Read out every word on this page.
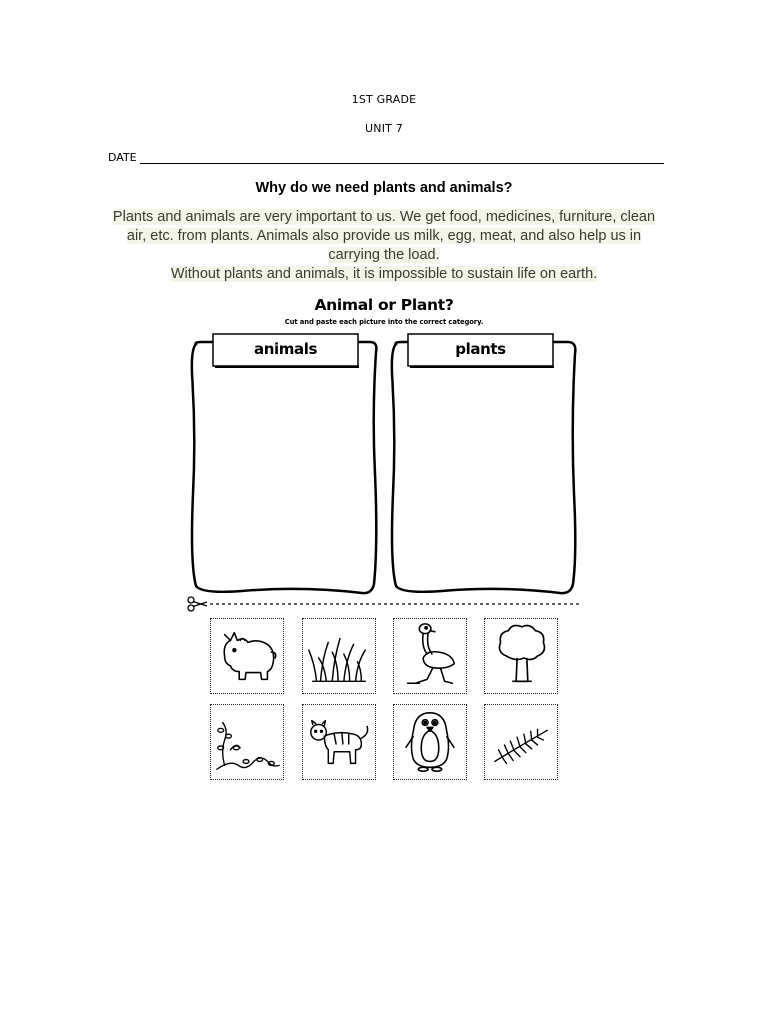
1ST GRADE
UNIT 7
DATE
Why do we need plants and animals?
Plants and animals are very important to us. We get food, medicines, furniture, clean air, etc. from plants. Animals also provide us milk, egg, meat, and also help us in carrying the load.
Without plants and animals, it is impossible to sustain life on earth.
Animal or Plant?
Cut and paste each picture into the correct category.
animals	plants
